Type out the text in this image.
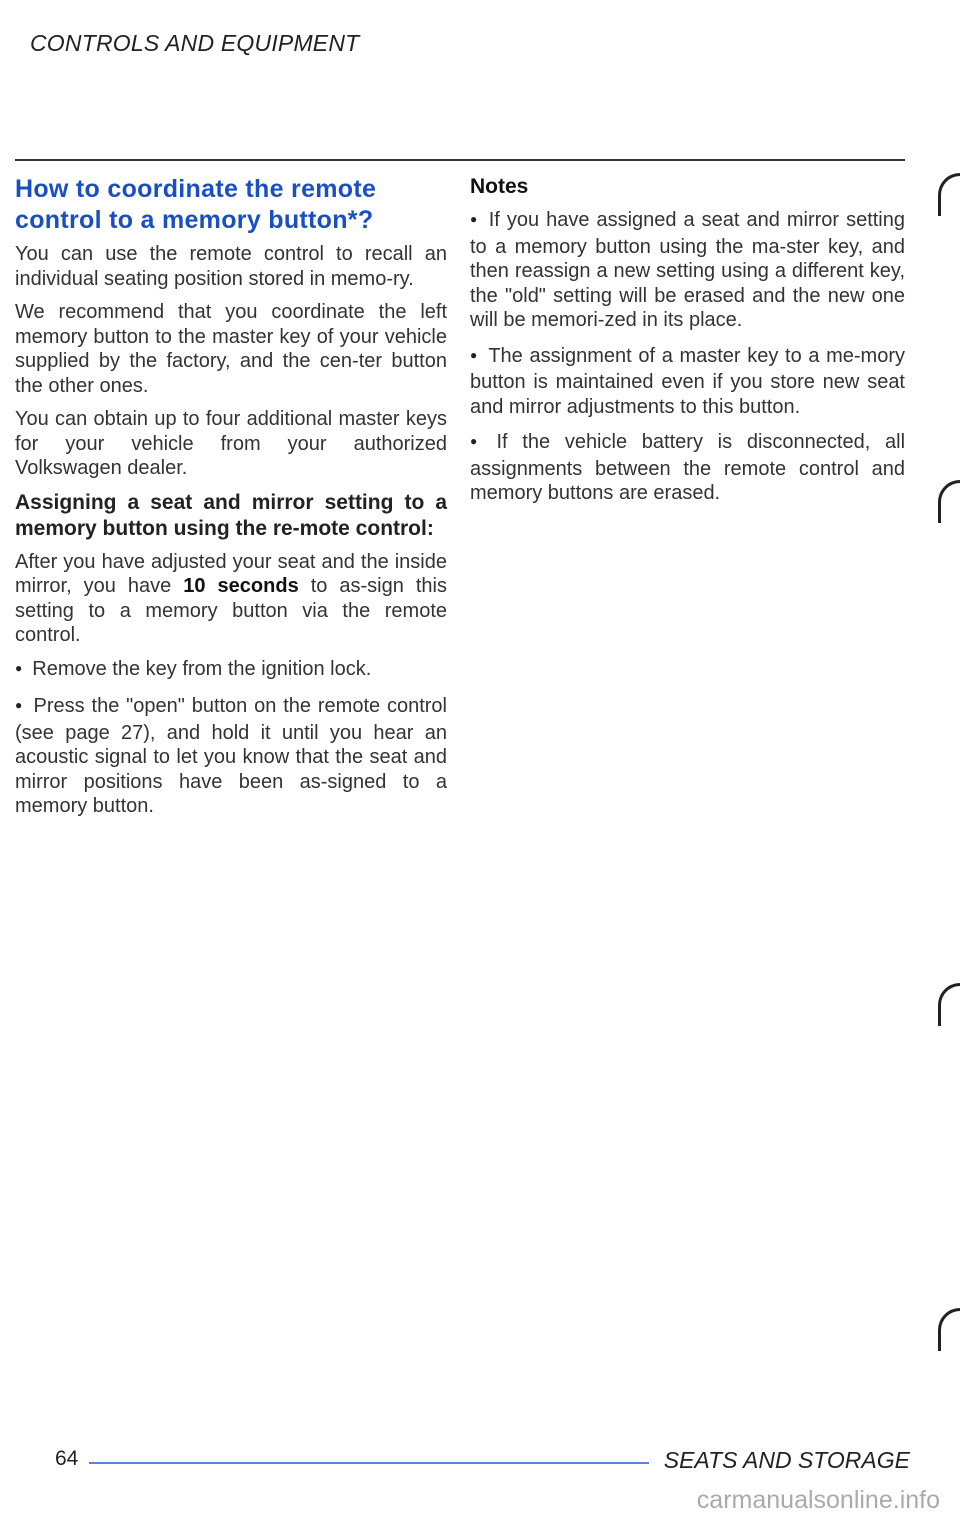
CONTROLS AND EQUIPMENT
How to coordinate the remote control to a memory button*?

You can use the remote control to recall an individual seating position stored in memo-ry.

We recommend that you coordinate the left memory button to the master key of your vehicle supplied by the factory, and the cen-ter button the other ones.

You can obtain up to four additional master keys for your vehicle from your authorized Volkswagen dealer.

Assigning a seat and mirror setting to a memory button using the re-mote control:

After you have adjusted your seat and the inside mirror, you have 10 seconds to as-sign this setting to a memory button via the remote control.

● Remove the key from the ignition lock.

● Press the "open" button on the remote control (see page 27), and hold it until you hear an acoustic signal to let you know that the seat and mirror positions have been as-signed to a memory button.

Notes

● If you have assigned a seat and mirror setting to a memory button using the ma-ster key, and then reassign a new setting using a different key, the "old" setting will be erased and the new one will be memori-zed in its place.

● The assignment of a master key to a me-mory button is maintained even if you store new seat and mirror adjustments to this button.

● If the vehicle battery is disconnected, all assignments between the remote control and memory buttons are erased.

64	SEATS AND STORAGE
carmanualsonline.info
